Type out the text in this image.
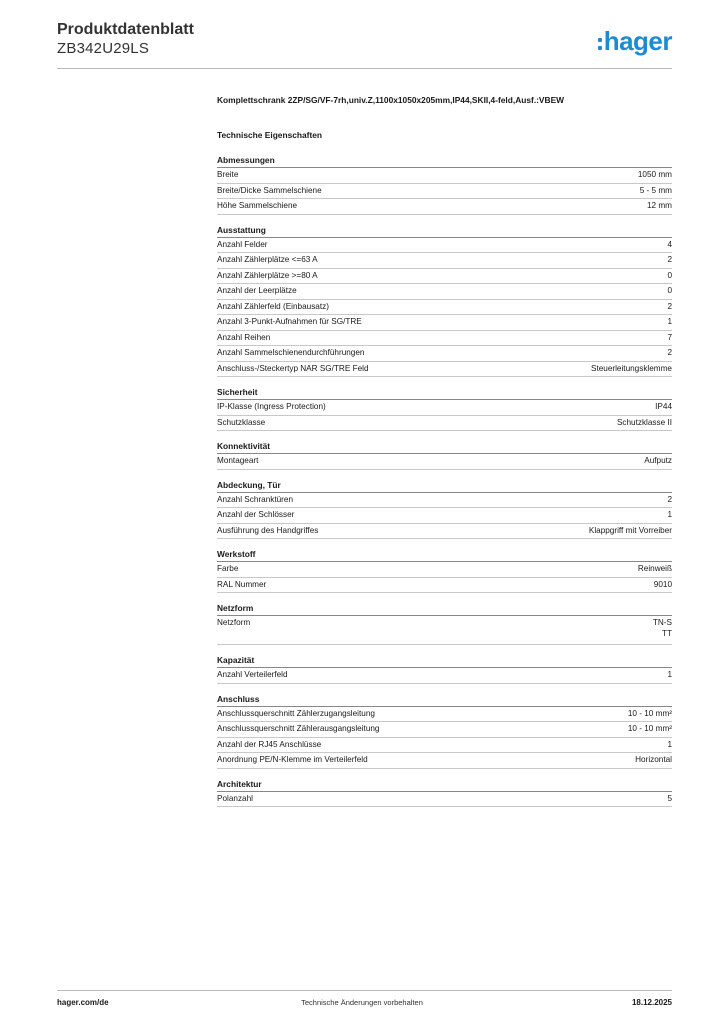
Produktdatenblatt
ZB342U29LS	hager
Komplettschrank 2ZP/SG/VF-7rh,univ.Z,1100x1050x205mm,IP44,SKII,4-feld,Ausf.:VBEW
Technische Eigenschaften
Abmessungen
Breite	1050 mm
Breite/Dicke Sammelschiene	5 - 5 mm
Höhe Sammelschiene	12 mm
Ausstattung
Anzahl Felder	4
Anzahl Zählerplätze <=63 A	2
Anzahl Zählerplätze >=80 A	0
Anzahl der Leerplätze	0
Anzahl Zählerfeld (Einbausatz)	2
Anzahl 3-Punkt-Aufnahmen für SG/TRE	1
Anzahl Reihen	7
Anzahl Sammelschienendurchführungen	2
Anschluss-/Steckertyp NAR SG/TRE Feld	Steuerleitungsklemme
Sicherheit
IP-Klasse (Ingress Protection)	IP44
Schutzklasse	Schutzklasse II
Konnektivität
Montageart	Aufputz
Abdeckung, Tür
Anzahl Schranktüren	2
Anzahl der Schlösser	1
Ausführung des Handgriffes	Klappgriff mit Vorreiber
Werkstoff
Farbe	Reinweiß
RAL Nummer	9010
Netzform
Netzform	TN-S
TT
Kapazität
Anzahl Verteilerfeld	1
Anschluss
Anschlussquerschnitt Zählerzugangsleitung	10 - 10 mm²
Anschlussquerschnitt Zählerausgangsleitung	10 - 10 mm²
Anzahl der RJ45 Anschlüsse	1
Anordnung PE/N-Klemme im Verteilerfeld	Horizontal
Architektur
Polanzahl	5
hager.com/de	Technische Änderungen vorbehalten	18.12.2025
